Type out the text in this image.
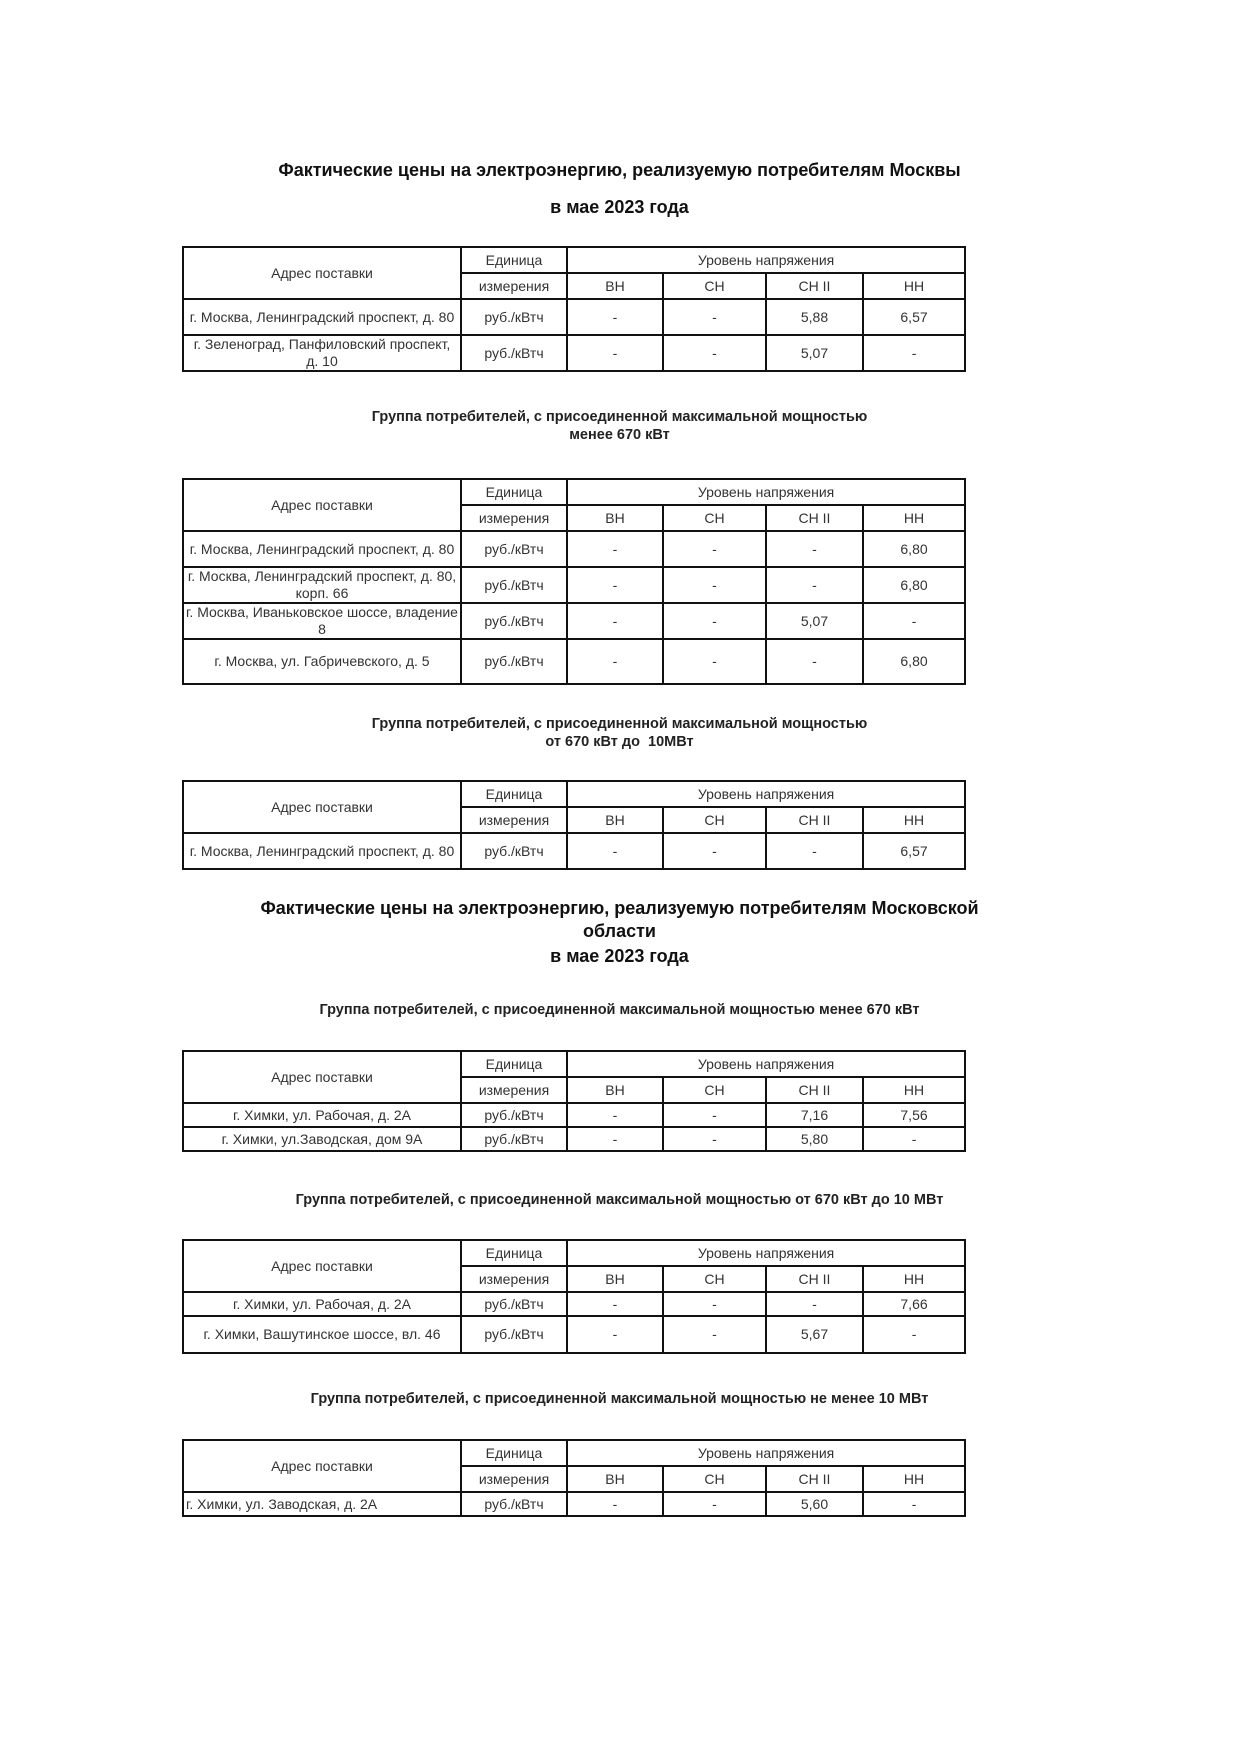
Фактические цены на электроэнергию, реализуемую потребителям Москвы
в мае 2023 года
Адрес поставки	Единица	Уровень напряжения			
	измерения	ВН	СН	СН II	НН
г. Москва, Ленинградский проспект, д. 80	руб./кВтч	-	-	5,88	6,57
г. Зеленоград, Панфиловский проспект, д. 10	руб./кВтч	-	-	5,07	-
Группа потребителей, с присоединенной максимальной мощностью
менее 670 кВт
Адрес поставки	Единица	Уровень напряжения			
	измерения	ВН	СН	СН II	НН
г. Москва, Ленинградский проспект, д. 80	руб./кВтч	-	-	-	6,80
г. Москва, Ленинградский проспект, д. 80, корп. 66	руб./кВтч	-	-	-	6,80
г. Москва, Иваньковское шоссе, владение 8	руб./кВтч	-	-	5,07	-
г. Москва, ул. Габричевского, д. 5	руб./кВтч	-	-	-	6,80
Группа потребителей, с присоединенной максимальной мощностью
от 670 кВт до  10МВт
Адрес поставки	Единица	Уровень напряжения			
	измерения	ВН	СН	СН II	НН
г. Москва, Ленинградский проспект, д. 80	руб./кВтч	-	-	-	6,57
Фактические цены на электроэнергию, реализуемую потребителям Московской
области
в мае 2023 года
Группа потребителей, с присоединенной максимальной мощностью менее 670 кВт
Адрес поставки	Единица	Уровень напряжения			
	измерения	ВН	СН	СН II	НН
г. Химки, ул. Рабочая, д. 2А	руб./кВтч	-	-	7,16	7,56
г. Химки, ул.Заводская, дом 9А	руб./кВтч	-	-	5,80	-
Группа потребителей, с присоединенной максимальной мощностью от 670 кВт до 10 МВт
Адрес поставки	Единица	Уровень напряжения			
	измерения	ВН	СН	СН II	НН
г. Химки, ул. Рабочая, д. 2А	руб./кВтч	-	-	-	7,66
г. Химки, Вашутинское шоссе, вл. 46	руб./кВтч	-	-	5,67	-
Группа потребителей, с присоединенной максимальной мощностью не менее 10 МВт
Адрес поставки	Единица	Уровень напряжения			
	измерения	ВН	СН	СН II	НН
г. Химки, ул. Заводская, д. 2А	руб./кВтч	-	-	5,60	-
